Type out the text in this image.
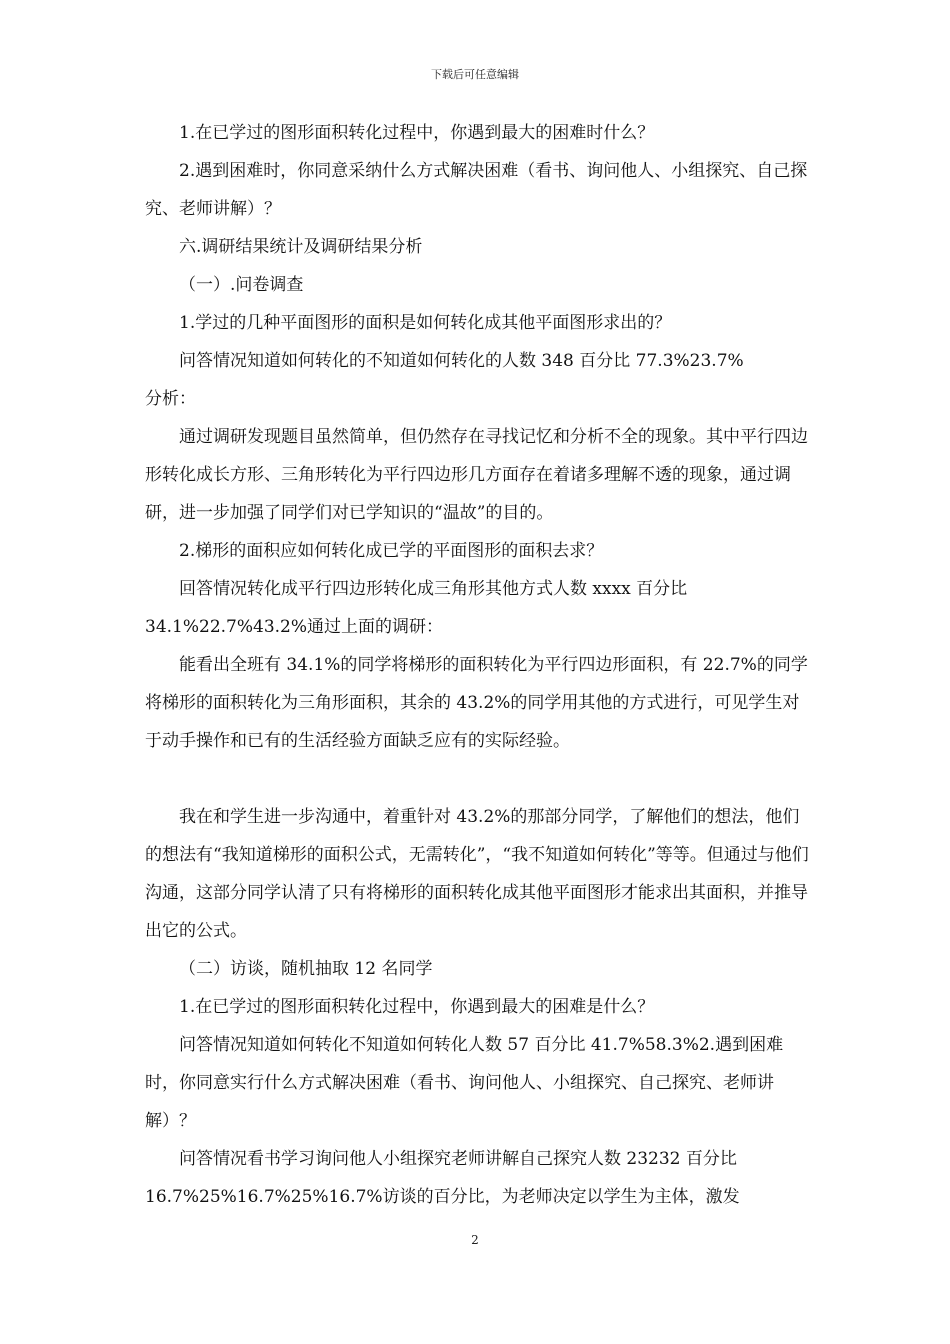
下载后可任意编辑

1.在已学过的图形面积转化过程中，你遇到最大的困难时什么？

2.遇到困难时，你同意采纳什么方式解决困难（看书、询问他人、小组探究、自己探究、老师讲解）？

六.调研结果统计及调研结果分析

（一）.问卷调查

1.学过的几种平面图形的面积是如何转化成其他平面图形求出的？

问答情况知道如何转化的不知道如何转化的人数 348 百分比 77.3%23.7%

分析：

通过调研发现题目虽然简单，但仍然存在寻找记忆和分析不全的现象。其中平行四边形转化成长方形、三角形转化为平行四边形几方面存在着诸多理解不透的现象，通过调研，进一步加强了同学们对已学知识的“温故”的目的。

2.梯形的面积应如何转化成已学的平面图形的面积去求？

回答情况转化成平行四边形转化成三角形其他方式人数 xxxx 百分比

34.1%22.7%43.2%通过上面的调研：

能看出全班有 34.1%的同学将梯形的面积转化为平行四边形面积，有 22.7%的同学将梯形的面积转化为三角形面积，其余的 43.2%的同学用其他的方式进行，可见学生对于动手操作和已有的生活经验方面缺乏应有的实际经验。

我在和学生进一步沟通中，着重针对 43.2%的那部分同学，了解他们的想法，他们的想法有“我知道梯形的面积公式，无需转化”，“我不知道如何转化”等等。但通过与他们沟通，这部分同学认清了只有将梯形的面积转化成其他平面图形才能求出其面积，并推导出它的公式。

（二）访谈，随机抽取 12 名同学

1.在已学过的图形面积转化过程中，你遇到最大的困难是什么？

问答情况知道如何转化不知道如何转化人数 57 百分比 41.7%58.3%2.遇到困难时，你同意实行什么方式解决困难（看书、询问他人、小组探究、自己探究、老师讲解）？

问答情况看书学习询问他人小组探究老师讲解自己探究人数 23232 百分比 16.7%25%16.7%25%16.7%访谈的百分比，为老师决定以学生为主体，激发

2
